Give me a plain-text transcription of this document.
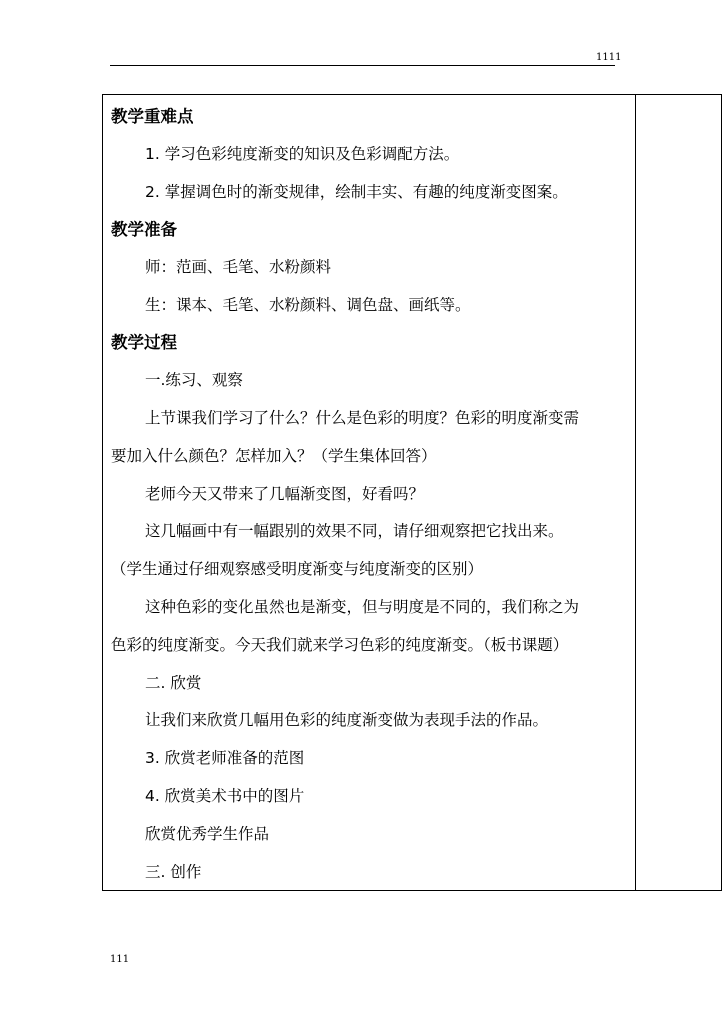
1111
教学重难点
1. 学习色彩纯度渐变的知识及色彩调配方法。
2. 掌握调色时的渐变规律，绘制丰实、有趣的纯度渐变图案。
教学准备
师：范画、毛笔、水粉颜料
生：课本、毛笔、水粉颜料、调色盘、画纸等。
教学过程
一.练习、观察
上节课我们学习了什么？什么是色彩的明度？色彩的明度渐变需
要加入什么颜色？怎样加入？（学生集体回答）
老师今天又带来了几幅渐变图，好看吗？
这几幅画中有一幅跟别的效果不同，请仔细观察把它找出来。
（学生通过仔细观察感受明度渐变与纯度渐变的区别）
这种色彩的变化虽然也是渐变，但与明度是不同的，我们称之为
色彩的纯度渐变。今天我们就来学习色彩的纯度渐变。（板书课题）
二. 欣赏
让我们来欣赏几幅用色彩的纯度渐变做为表现手法的作品。
3. 欣赏老师准备的范图
4. 欣赏美术书中的图片
欣赏优秀学生作品
三. 创作
111
